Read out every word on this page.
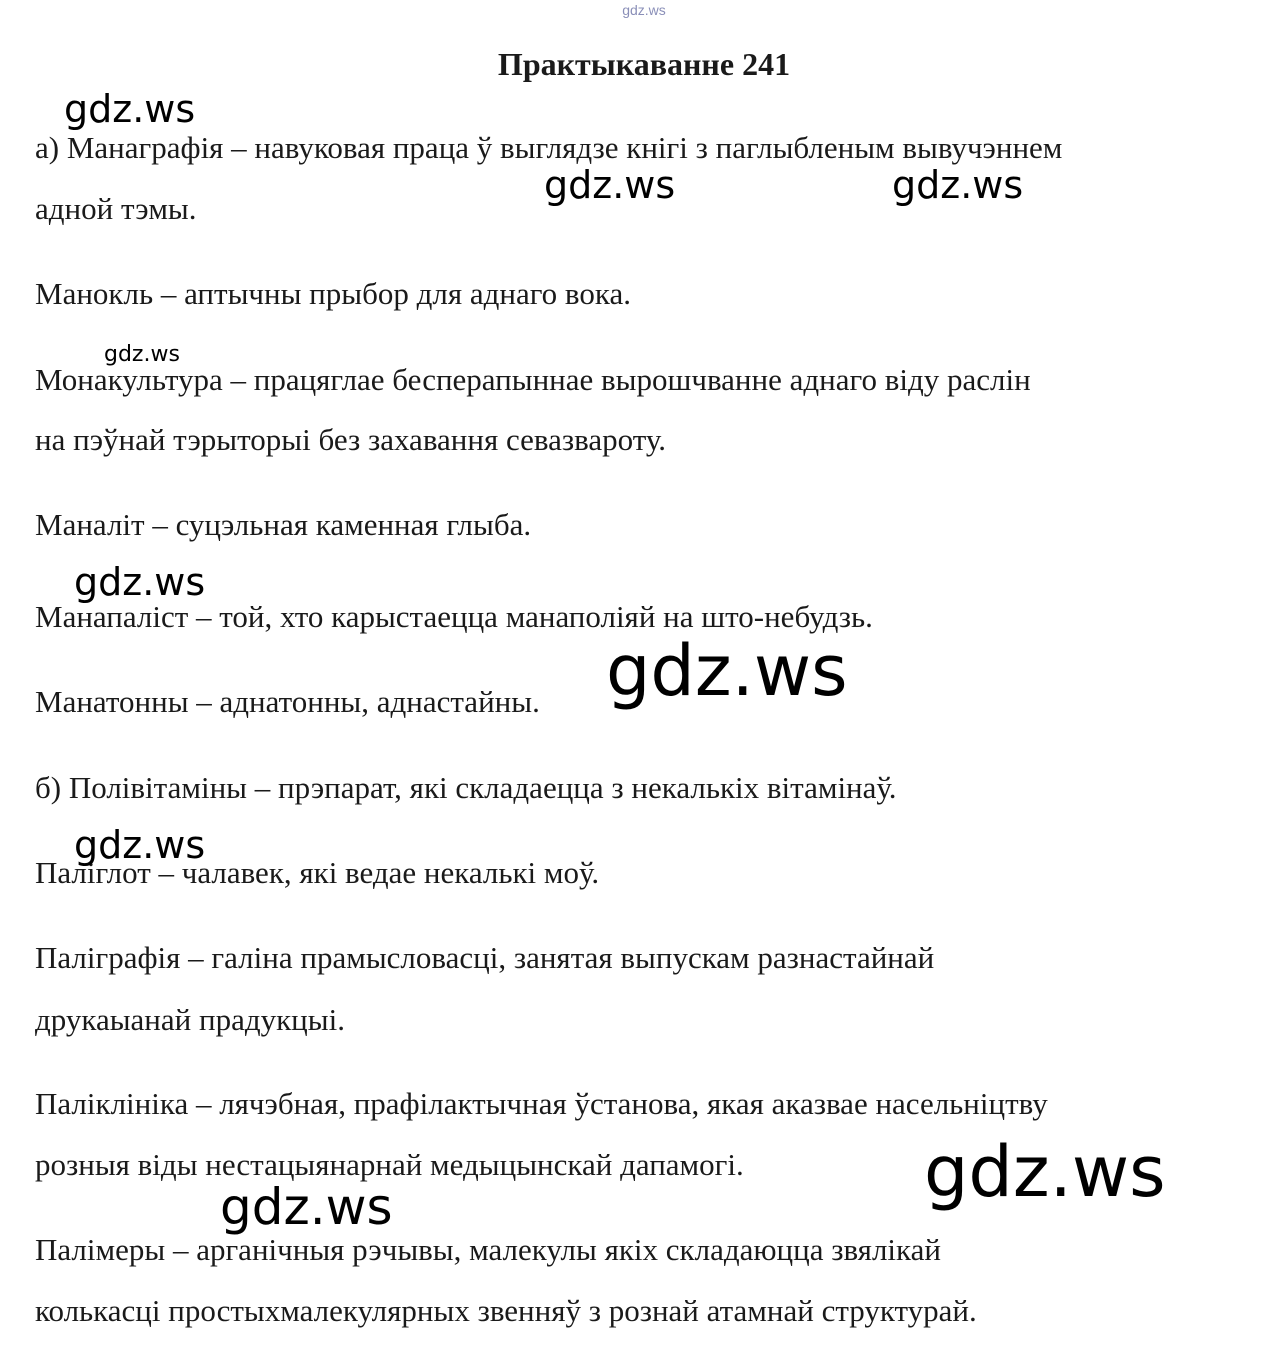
gdz.ws
Практыкаванне 241
а) Манаграфія – навуковая праца ў выглядзе кнігі з паглыбленым вывучэннем
адной тэмы.
Манокль – аптычны прыбор для аднаго вока.
Монакультура – працяглае бесперапыннае вырошчванне аднаго віду раслін
на пэўнай тэрыторыі без захавання севазвароту.
Маналіт – суцэльная каменная глыба.
Манапаліст – той, хто карыстаецца манаполіяй на што-небудзь.
Манатонны – аднатонны, аднастайны.
б) Полівітаміны – прэпарат, які складаецца з некалькіх вітамінаў.
Паліглот – чалавек, які ведае некалькі моў.
Паліграфія – галіна прамысловасці, занятая выпускам разнастайнай
друкаыанай прадукцыі.
Паліклініка – лячэбная, прафілактычная ўстанова, якая аказвае насельніцтву
розныя віды нестацыянарнай медыцынскай дапамогі.
Палімеры – арганічныя рэчывы, малекулы якіх складаюцца звялікай
колькасці простыхмалекулярных звенняў з рознай атамнай структурай.
gdz.ws
gdz.ws	gdz.ws
gdz.ws
gdz.ws
gdz.ws
gdz.ws
gdz.ws
gdz.ws
